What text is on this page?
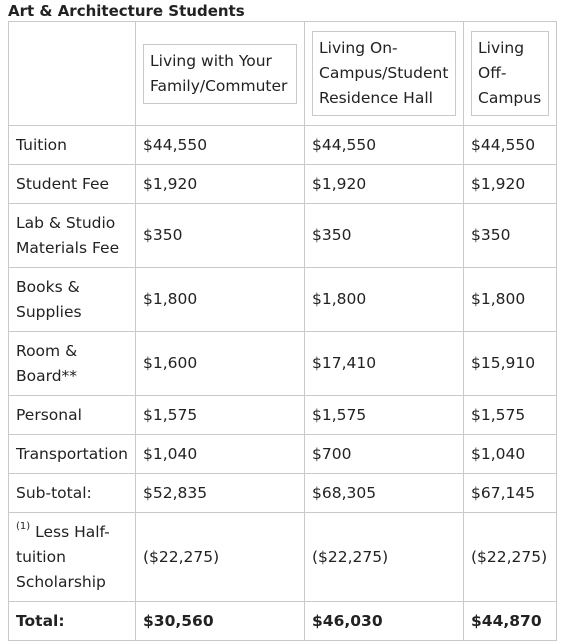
Art & Architecture Students

	Living with Your Family/Commuter	Living On-Campus/Student Residence Hall	Living Off-Campus

Tuition	$44,550	$44,550	$44,550
Student Fee	$1,920	$1,920	$1,920
Lab & Studio Materials Fee	$350	$350	$350
Books & Supplies	$1,800	$1,800	$1,800
Room & Board**	$1,600	$17,410	$15,910
Personal	$1,575	$1,575	$1,575
Transportation	$1,040	$700	$1,040
Sub-total:	$52,835	$68,305	$67,145
$^{(1)}$ Less Half-tuition Scholarship	($22,275)	($22,275)	($22,275)
Total:	$30,560	$46,030	$44,870
